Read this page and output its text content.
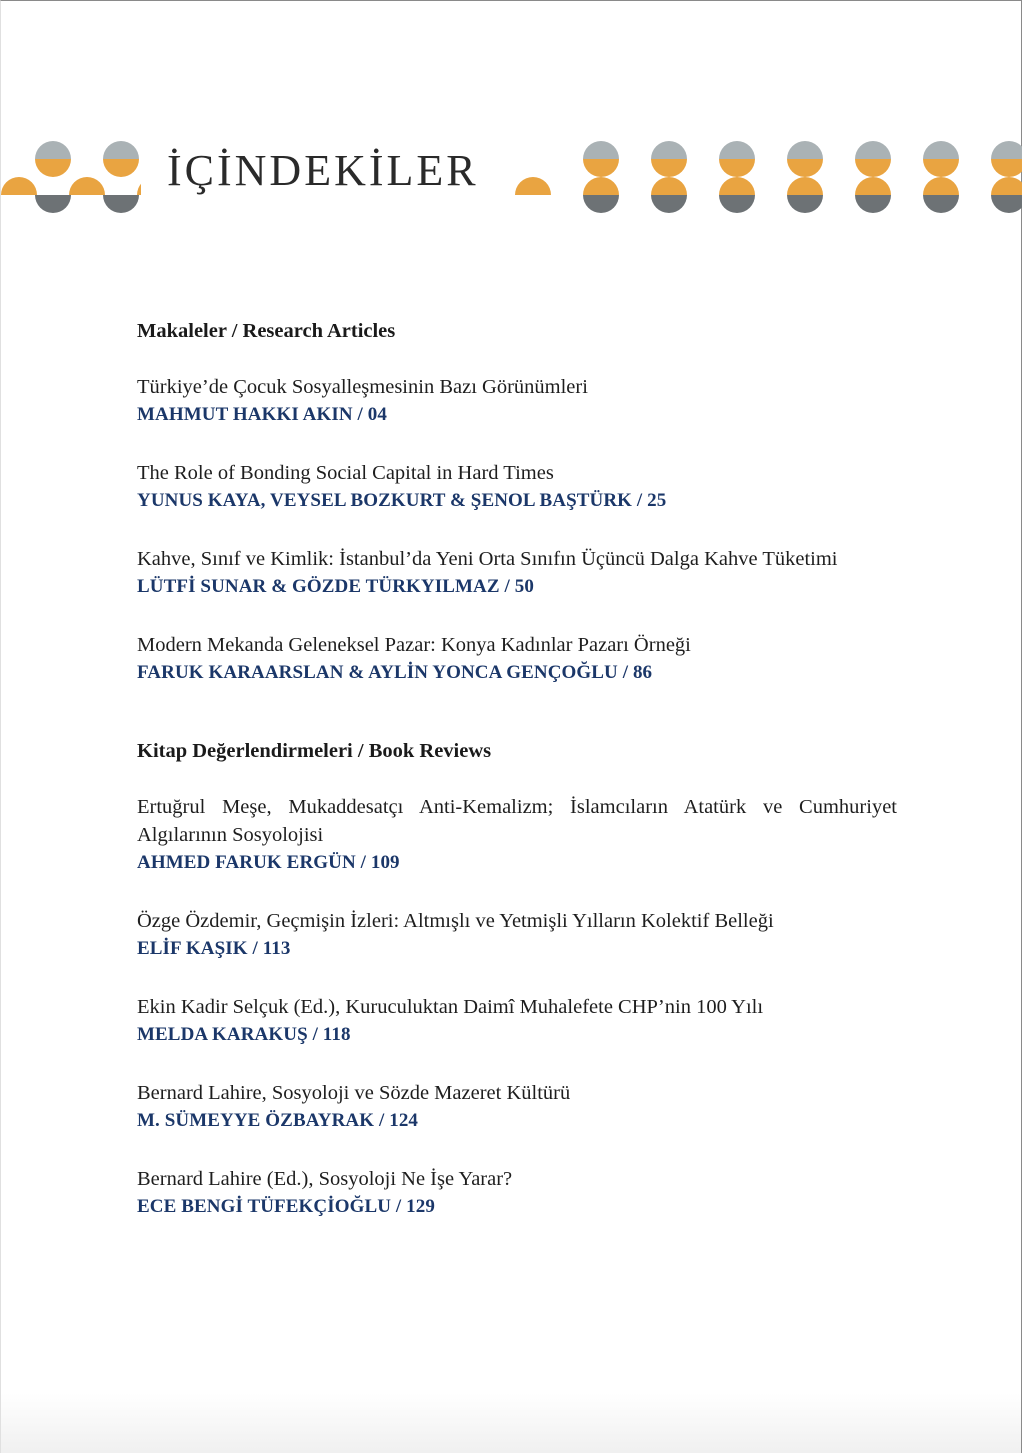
İÇİNDEKİLER
Makaleler / Research Articles
Türkiye’de Çocuk Sosyalleşmesinin Bazı Görünümleri
MAHMUT HAKKI AKIN / 04
The Role of Bonding Social Capital in Hard Times
YUNUS KAYA, VEYSEL BOZKURT & ŞENOL BAŞTÜRK / 25
Kahve, Sınıf ve Kimlik: İstanbul’da Yeni Orta Sınıfın Üçüncü Dalga Kahve Tüketimi
LÜTFİ SUNAR & GÖZDE TÜRKYILMAZ / 50
Modern Mekanda Geleneksel Pazar: Konya Kadınlar Pazarı Örneği
FARUK KARAARSLAN & AYLİN YONCA GENÇOĞLU / 86
Kitap Değerlendirmeleri / Book Reviews
Ertuğrul Meşe, Mukaddesatçı Anti-Kemalizm; İslamcıların Atatürk ve Cumhuriyet Algılarının Sosyolojisi
AHMED FARUK ERGÜN / 109
Özge Özdemir, Geçmişin İzleri: Altmışlı ve Yetmişli Yılların Kolektif Belleği
ELİF KAŞIK / 113
Ekin Kadir Selçuk (Ed.), Kuruculuktan Daimî Muhalefete CHP’nin 100 Yılı
MELDA KARAKUŞ / 118
Bernard Lahire, Sosyoloji ve Sözde Mazeret Kültürü
M. SÜMEYYE ÖZBAYRAK / 124
Bernard Lahire (Ed.), Sosyoloji Ne İşe Yarar?
ECE BENGİ TÜFEKÇİOĞLU / 129
